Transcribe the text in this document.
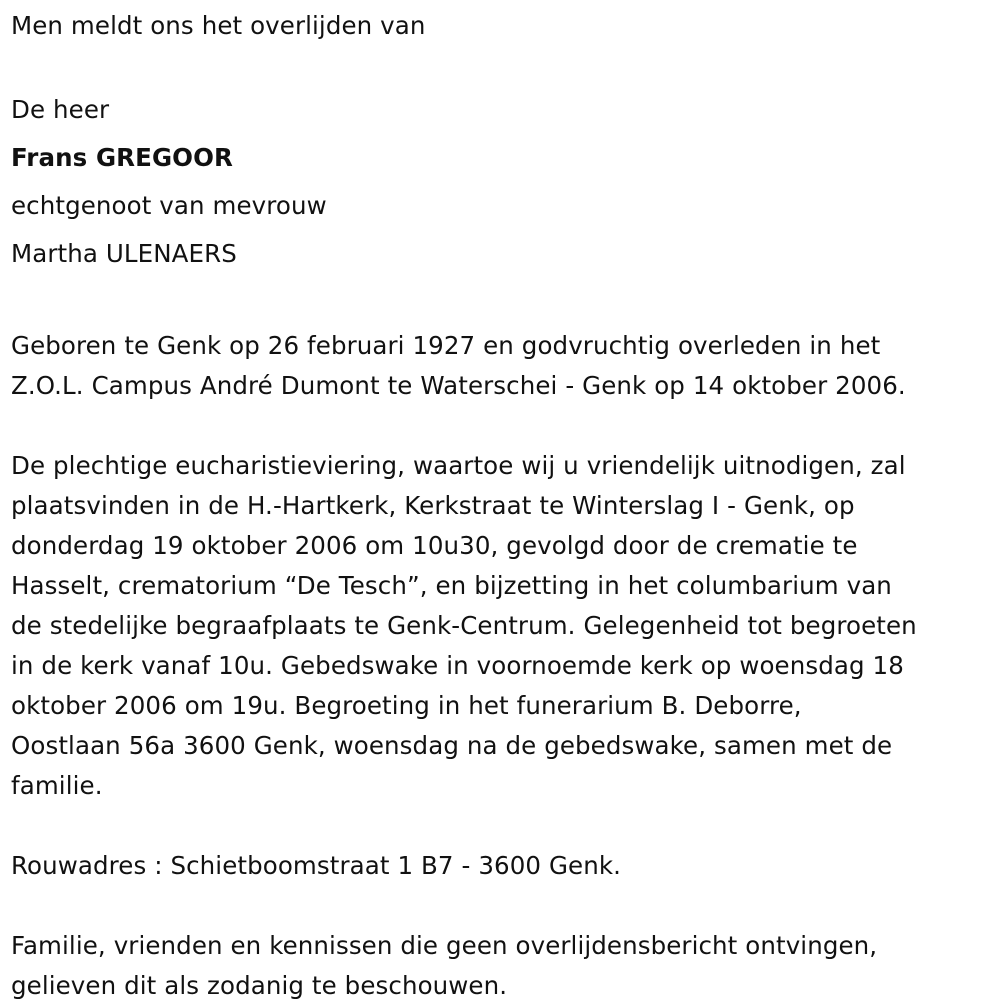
Men meldt ons het overlijden van
De heer
Frans GREGOOR
echtgenoot van mevrouw
Martha ULENAERS
Geboren te Genk op 26 februari 1927 en godvruchtig overleden in het
Z.O.L. Campus André Dumont te Waterschei - Genk op 14 oktober 2006.
De plechtige eucharistieviering, waartoe wij u vriendelijk uitnodigen, zal
plaatsvinden in de H.-Hartkerk, Kerkstraat te Winterslag I - Genk, op
donderdag 19 oktober 2006 om 10u30, gevolgd door de crematie te
Hasselt, crematorium “De Tesch”, en bijzetting in het columbarium van
de stedelijke begraafplaats te Genk-Centrum. Gelegenheid tot begroeten
in de kerk vanaf 10u. Gebedswake in voornoemde kerk op woensdag 18
oktober 2006 om 19u. Begroeting in het funerarium B. Deborre,
Oostlaan 56a 3600 Genk, woensdag na de gebedswake, samen met de
familie.
Rouwadres : Schietboomstraat 1 B7 - 3600 Genk.
Familie, vrienden en kennissen die geen overlijdensbericht ontvingen,
gelieven dit als zodanig te beschouwen.
